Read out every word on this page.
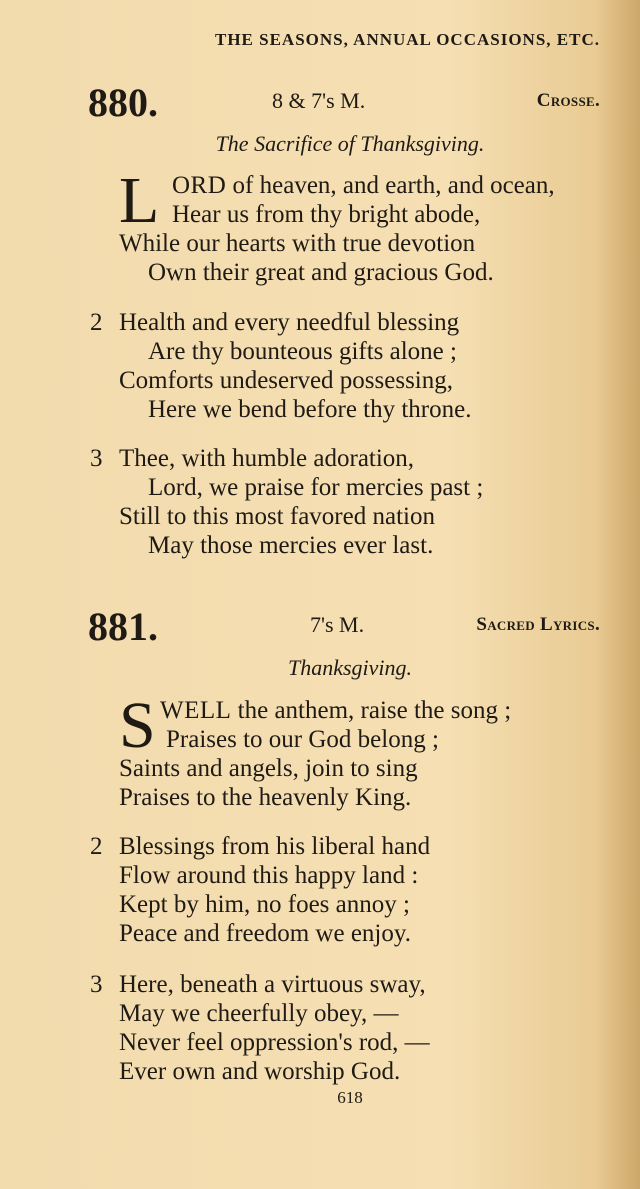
THE SEASONS, ANNUAL OCCASIONS, ETC.
880.	8 & 7's M.	Crosse.
The Sacrifice of Thanksgiving.
L ORD of heaven, and earth, and ocean,
Hear us from thy bright abode,
While our hearts with true devotion
Own their great and gracious God.
2 Health and every needful blessing
Are thy bounteous gifts alone ;
Comforts undeserved possessing,
Here we bend before thy throne.
3 Thee, with humble adoration,
Lord, we praise for mercies past ;
Still to this most favored nation
May those mercies ever last.
881.	7's M.	Sacred Lyrics.
Thanksgiving.
S WELL the anthem, raise the song ;
Praises to our God belong ;
Saints and angels, join to sing
Praises to the heavenly King.
2 Blessings from his liberal hand
Flow around this happy land :
Kept by him, no foes annoy ;
Peace and freedom we enjoy.
3 Here, beneath a virtuous sway,
May we cheerfully obey, —
Never feel oppression's rod, —
Ever own and worship God.
618
